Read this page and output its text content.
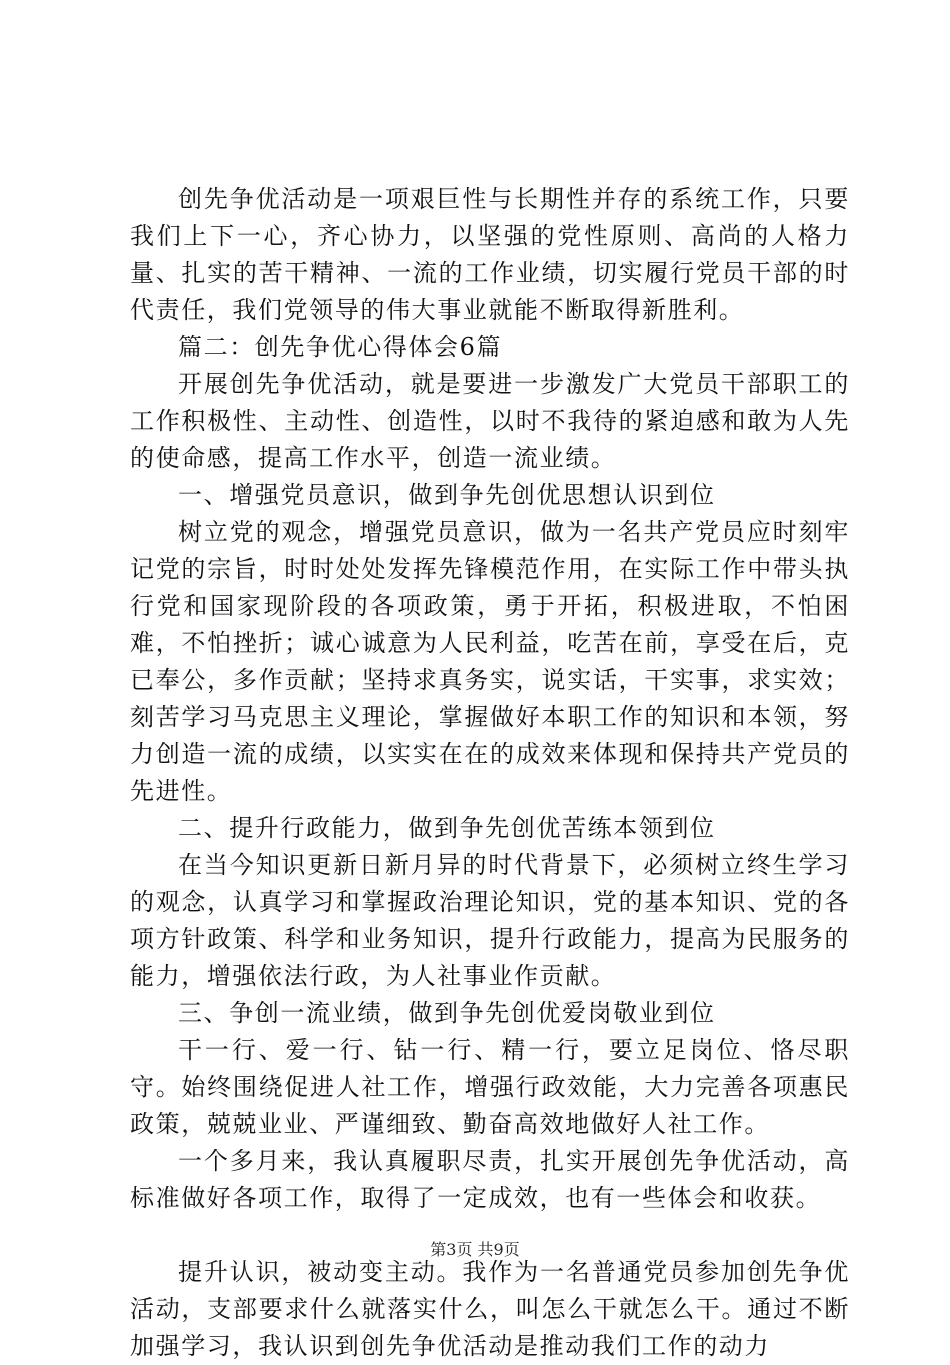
创先争优活动是一项艰巨性与长期性并存的系统工作，只要我们上下一心，齐心协力，以坚强的党性原则、高尚的人格力量、扎实的苦干精神、一流的工作业绩，切实履行党员干部的时代责任，我们党领导的伟大事业就能不断取得新胜利。

篇二：创先争优心得体会6篇

开展创先争优活动，就是要进一步激发广大党员干部职工的工作积极性、主动性、创造性，以时不我待的紧迫感和敢为人先的使命感，提高工作水平，创造一流业绩。

一、增强党员意识，做到争先创优思想认识到位

树立党的观念，增强党员意识，做为一名共产党员应时刻牢记党的宗旨，时时处处发挥先锋模范作用，在实际工作中带头执行党和国家现阶段的各项政策，勇于开拓，积极进取，不怕困难，不怕挫折；诚心诚意为人民利益，吃苦在前，享受在后，克已奉公，多作贡献；坚持求真务实，说实话，干实事，求实效；刻苦学习马克思主义理论，掌握做好本职工作的知识和本领，努力创造一流的成绩，以实实在在的成效来体现和保持共产党员的先进性。

二、提升行政能力，做到争先创优苦练本领到位

在当今知识更新日新月异的时代背景下，必须树立终生学习的观念，认真学习和掌握政治理论知识，党的基本知识、党的各项方针政策、科学和业务知识，提升行政能力，提高为民服务的能力，增强依法行政，为人社事业作贡献。

三、争创一流业绩，做到争先创优爱岗敬业到位

干一行、爱一行、钻一行、精一行，要立足岗位、恪尽职守。始终围绕促进人社工作，增强行政效能，大力完善各项惠民政策，兢兢业业、严谨细致、勤奋高效地做好人社工作。

一个多月来，我认真履职尽责，扎实开展创先争优活动，高标准做好各项工作，取得了一定成效，也有一些体会和收获。

提升认识，被动变主动。我作为一名普通党员参加创先争优活动，支部要求什么就落实什么，叫怎么干就怎么干。通过不断加强学习，我认识到创先争优活动是推动我们工作的动力

第3页 共9页
